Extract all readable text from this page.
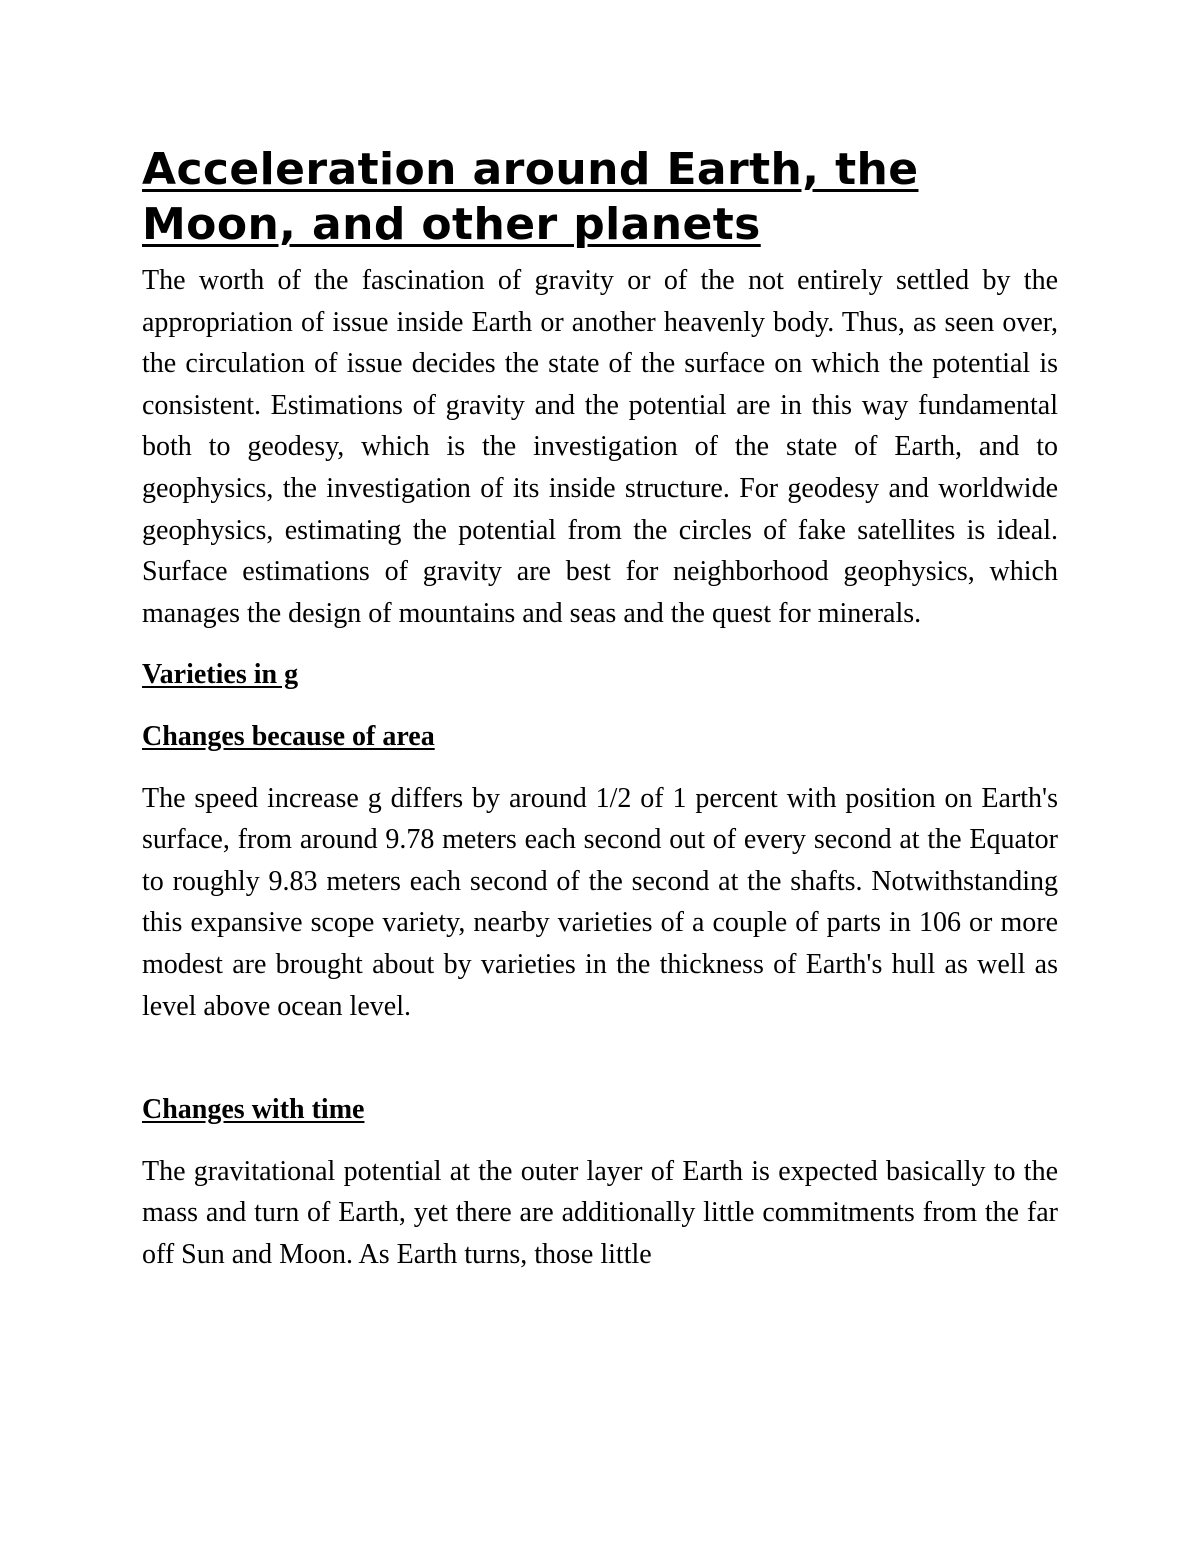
Acceleration around Earth, the Moon, and other planets

The worth of the fascination of gravity or of the not entirely settled by the appropriation of issue inside Earth or another heavenly body. Thus, as seen over, the circulation of issue decides the state of the surface on which the potential is consistent. Estimations of gravity and the potential are in this way fundamental both to geodesy, which is the investigation of the state of Earth, and to geophysics, the investigation of its inside structure. For geodesy and worldwide geophysics, estimating the potential from the circles of fake satellites is ideal. Surface estimations of gravity are best for neighborhood geophysics, which manages the design of mountains and seas and the quest for minerals.

Varieties in g
Changes because of area

The speed increase g differs by around 1/2 of 1 percent with position on Earth's surface, from around 9.78 meters each second out of every second at the Equator to roughly 9.83 meters each second of the second at the shafts. Notwithstanding this expansive scope variety, nearby varieties of a couple of parts in 106 or more modest are brought about by varieties in the thickness of Earth's hull as well as level above ocean level.

Changes with time

The gravitational potential at the outer layer of Earth is expected basically to the mass and turn of Earth, yet there are additionally little commitments from the far off Sun and Moon. As Earth turns, those little
